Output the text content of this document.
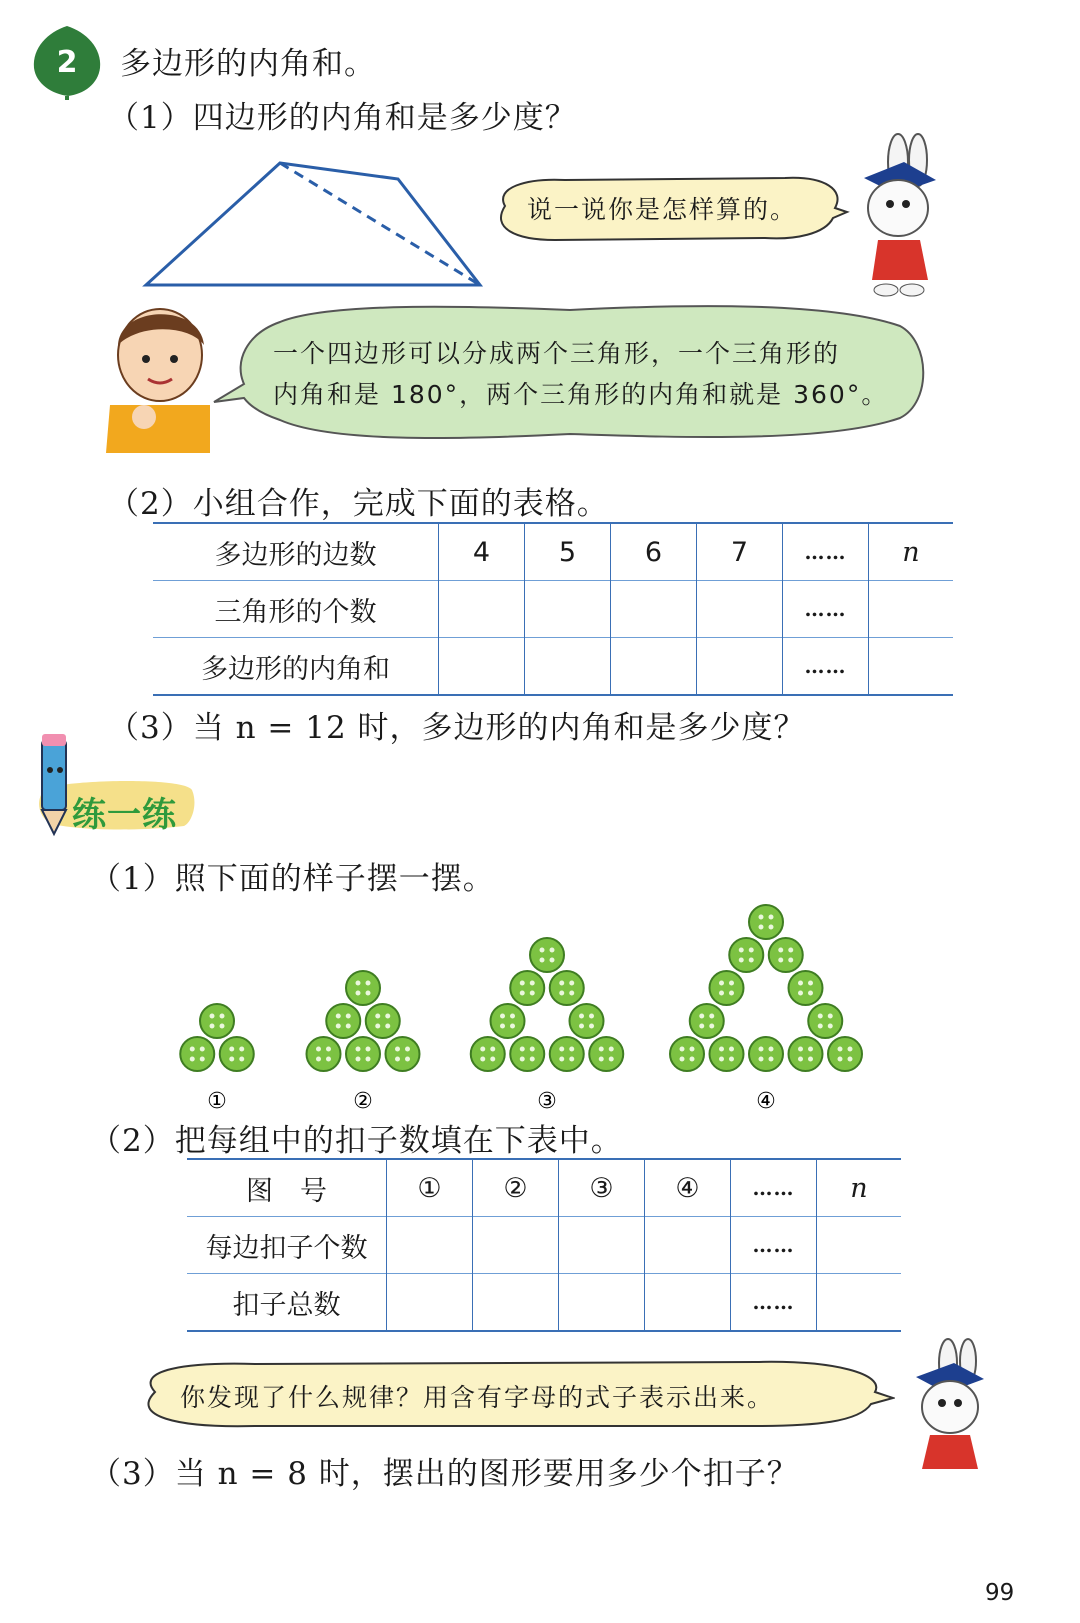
2 多边形的内角和。
（1）四边形的内角和是多少度？
说一说你是怎样算的。
一个四边形可以分成两个三角形，一个三角形的
内角和是 180°，两个三角形的内角和就是 360°。
（2）小组合作，完成下面的表格。
多边形的边数	4	5	6	7	……	n
三角形的个数					……	
多边形的内角和					……	
（3）当 n = 12 时，多边形的内角和是多少度？
练一练
（1）照下面的样子摆一摆。
①	②	③	④
（2）把每组中的扣子数填在下表中。
图　号	①	②	③	④	……	n
每边扣子个数					……	
扣子总数					……	
你发现了什么规律？用含有字母的式子表示出来。
（3）当 n = 8 时，摆出的图形要用多少个扣子？
99
